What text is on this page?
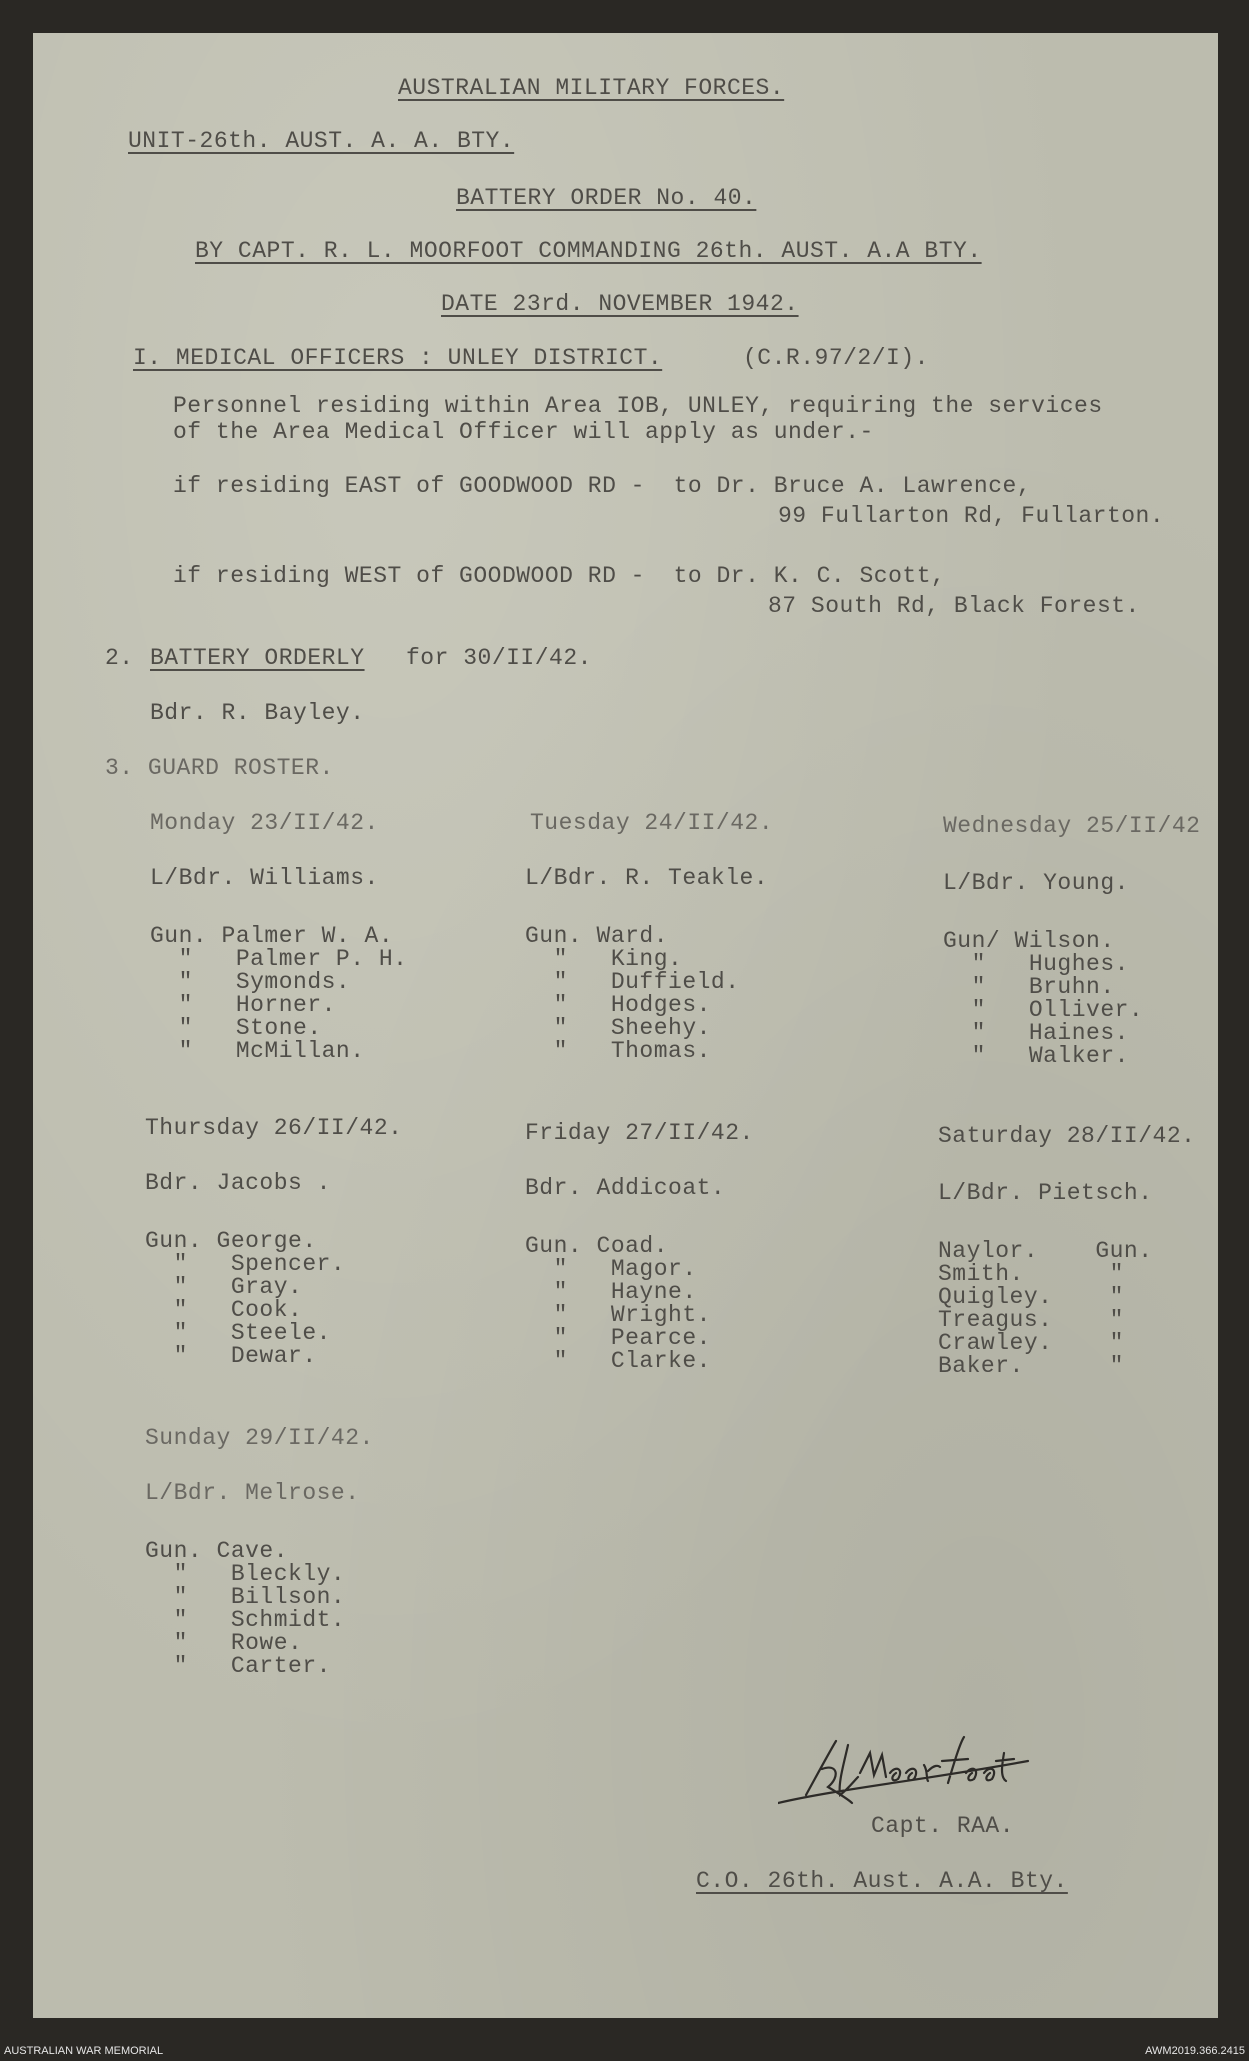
AUSTRALIAN MILITARY FORCES.
UNIT-26th. AUST. A. A. BTY.
BATTERY ORDER No. 40.
BY CAPT. R. L. MOORFOOT COMMANDING 26th. AUST. A.A BTY.
DATE 23rd. NOVEMBER 1942.
I. MEDICAL OFFICERS : UNLEY DISTRICT.	(C.R.97/2/I).
Personnel residing within Area IOB, UNLEY, requiring the services
of the Area Medical Officer will apply as under.-
if residing EAST of GOODWOOD RD -  to Dr. Bruce A. Lawrence,
99 Fullarton Rd, Fullarton.
if residing WEST of GOODWOOD RD -  to Dr. K. C. Scott,
87 South Rd, Black Forest.
2. BATTERY ORDERLY for 30/II/42.
Bdr. R. Bayley.
3. GUARD ROSTER.
Monday 23/II/42.
L/Bdr. Williams.
Gun. Palmer W. A.
"   Palmer P. H.
"   Symonds.
"   Horner.
"   Stone.
"   McMillan.
Tuesday 24/II/42.
L/Bdr. R. Teakle.
Gun. Ward.
"   King.
"   Duffield.
"   Hodges.
"   Sheehy.
"   Thomas.
Wednesday 25/II/42
L/Bdr. Young.
Gun/ Wilson.
"   Hughes.
"   Bruhn.
"   Olliver.
"   Haines.
"   Walker.
Thursday 26/II/42.
Bdr. Jacobs .
Gun. George.
"   Spencer.
"   Gray.
"   Cook.
"   Steele.
"   Dewar.
Friday 27/II/42.
Bdr. Addicoat.
Gun. Coad.
"   Magor.
"   Hayne.
"   Wright.
"   Pearce.
"   Clarke.
Saturday 28/II/42.
L/Bdr. Pietsch.
Naylor.    Gun.
Smith.      "
Quigley.    "
Treagus.    "
Crawley.    "
Baker.      "
Sunday 29/II/42.
L/Bdr. Melrose.
Gun. Cave.
"   Bleckly.
"   Billson.
"   Schmidt.
"   Rowe.
"   Carter.
Capt. RAA.
C.O. 26th. Aust. A.A. Bty.
AUSTRALIAN WAR MEMORIAL	AWM2019.366.2415
